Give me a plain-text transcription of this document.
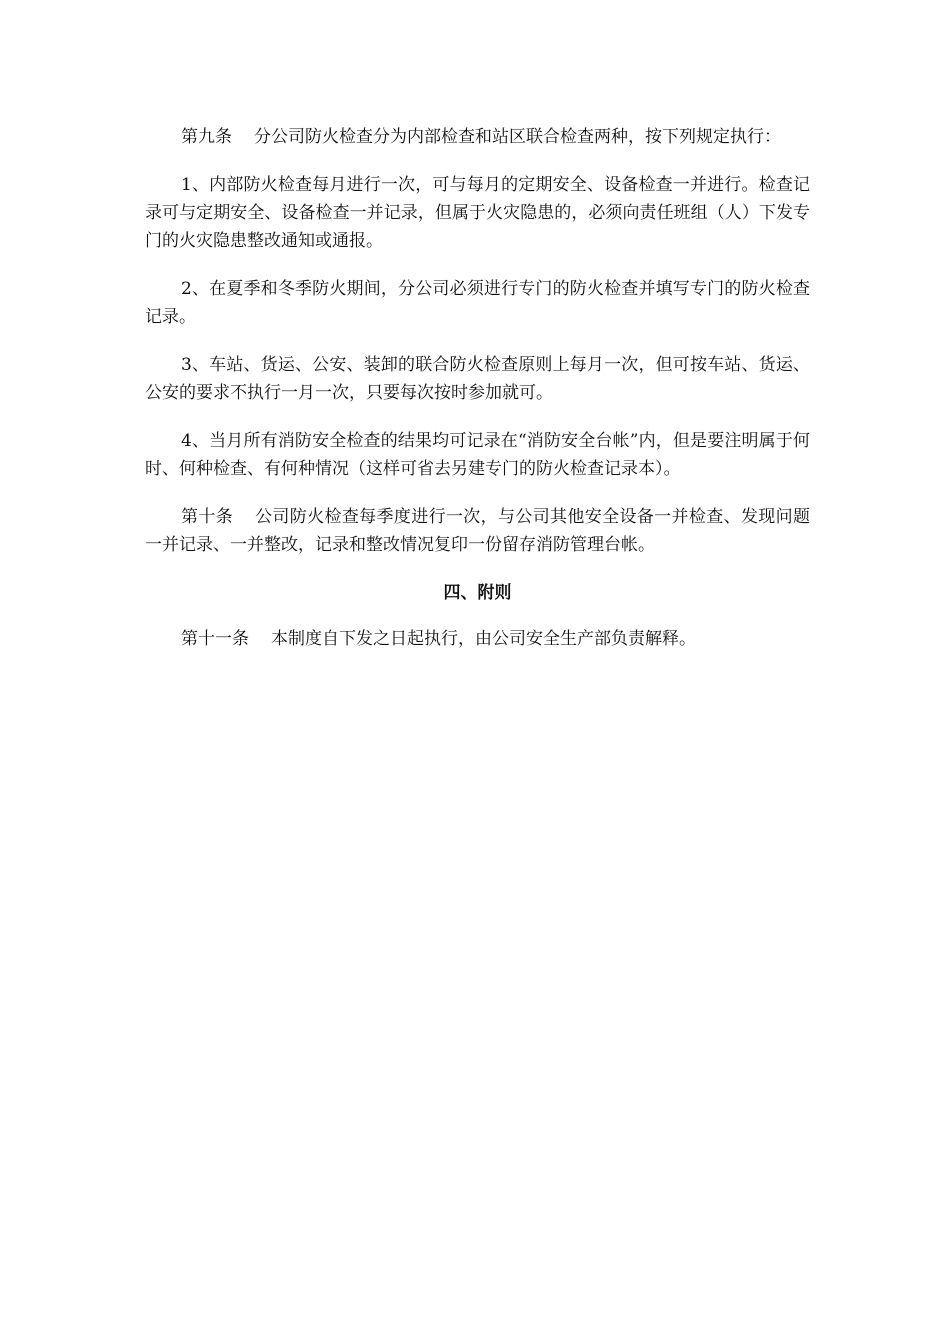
第九条 分公司防火检查分为内部检查和站区联合检查两种，按下列规定执行：

1、内部防火检查每月进行一次，可与每月的定期安全、设备检查一并进行。检查记录可与定期安全、设备检查一并记录，但属于火灾隐患的，必须向责任班组（人）下发专门的火灾隐患整改通知或通报。

2、在夏季和冬季防火期间，分公司必须进行专门的防火检查并填写专门的防火检查记录。

3、车站、货运、公安、装卸的联合防火检查原则上每月一次，但可按车站、货运、公安的要求不执行一月一次，只要每次按时参加就可。

4、当月所有消防安全检查的结果均可记录在“消防安全台帐”内，但是要注明属于何时、何种检查、有何种情况（这样可省去另建专门的防火检查记录本）。

第十条 公司防火检查每季度进行一次，与公司其他安全设备一并检查、发现问题一并记录、一并整改，记录和整改情况复印一份留存消防管理台帐。

四、附则

第十一条 本制度自下发之日起执行，由公司安全生产部负责解释。
